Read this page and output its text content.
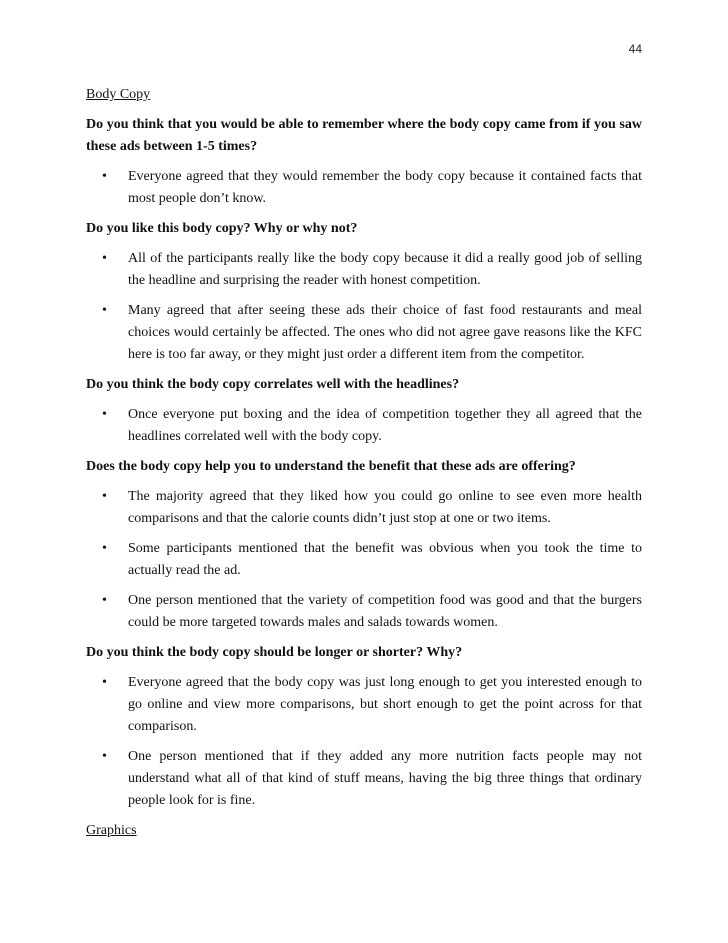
44
Body Copy
Do you think that you would be able to remember where the body copy came from if you saw these ads between 1-5 times?
• Everyone agreed that they would remember the body copy because it contained facts that most people don’t know.
Do you like this body copy? Why or why not?
• All of the participants really like the body copy because it did a really good job of selling the headline and surprising the reader with honest competition.
• Many agreed that after seeing these ads their choice of fast food restaurants and meal choices would certainly be affected. The ones who did not agree gave reasons like the KFC here is too far away, or they might just order a different item from the competitor.
Do you think the body copy correlates well with the headlines?
• Once everyone put boxing and the idea of competition together they all agreed that the headlines correlated well with the body copy.
Does the body copy help you to understand the benefit that these ads are offering?
• The majority agreed that they liked how you could go online to see even more health comparisons and that the calorie counts didn’t just stop at one or two items.
• Some participants mentioned that the benefit was obvious when you took the time to actually read the ad.
• One person mentioned that the variety of competition food was good and that the burgers could be more targeted towards males and salads towards women.
Do you think the body copy should be longer or shorter? Why?
• Everyone agreed that the body copy was just long enough to get you interested enough to go online and view more comparisons, but short enough to get the point across for that comparison.
• One person mentioned that if they added any more nutrition facts people may not understand what all of that kind of stuff means, having the big three things that ordinary people look for is fine.
Graphics
